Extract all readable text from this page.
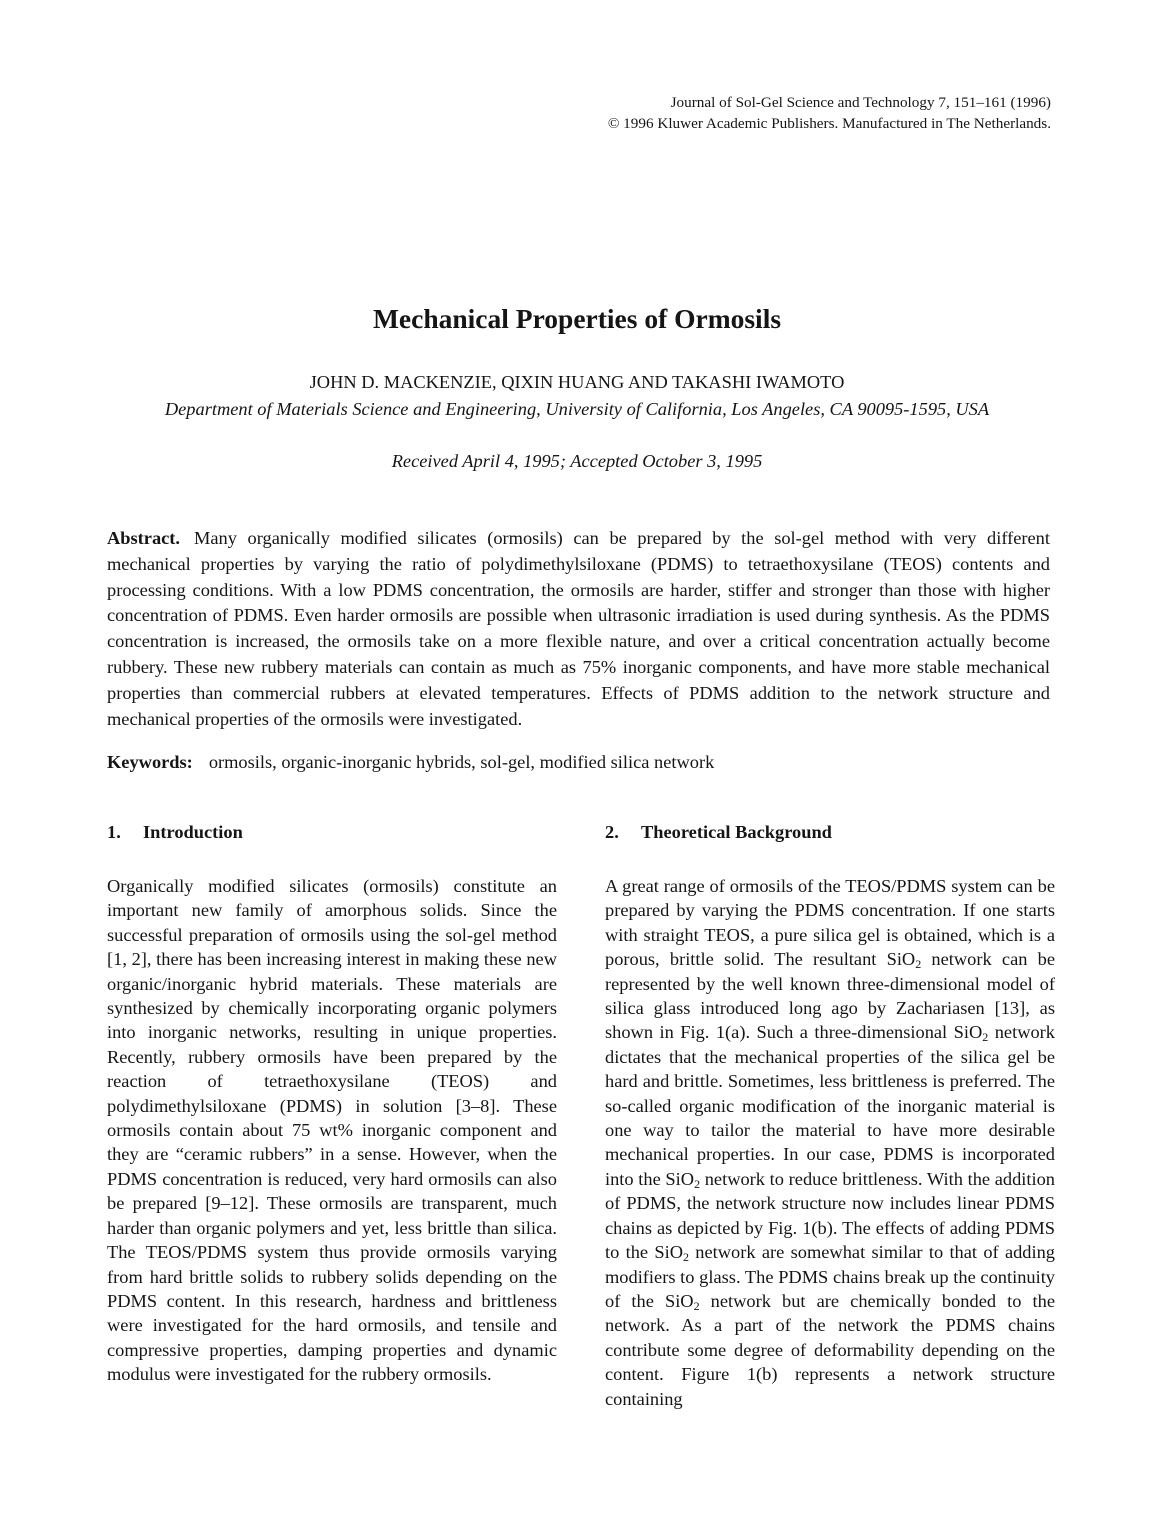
Journal of Sol-Gel Science and Technology 7, 151–161 (1996)
© 1996 Kluwer Academic Publishers. Manufactured in The Netherlands.
Mechanical Properties of Ormosils
JOHN D. MACKENZIE, QIXIN HUANG AND TAKASHI IWAMOTO
Department of Materials Science and Engineering, University of California, Los Angeles, CA 90095-1595, USA
Received April 4, 1995; Accepted October 3, 1995

Abstract. Many organically modified silicates (ormosils) can be prepared by the sol-gel method with very different mechanical properties by varying the ratio of polydimethylsiloxane (PDMS) to tetraethoxysilane (TEOS) contents and processing conditions. With a low PDMS concentration, the ormosils are harder, stiffer and stronger than those with higher concentration of PDMS. Even harder ormosils are possible when ultrasonic irradiation is used during synthesis. As the PDMS concentration is increased, the ormosils take on a more flexible nature, and over a critical concentration actually become rubbery. These new rubbery materials can contain as much as 75% inorganic components, and have more stable mechanical properties than commercial rubbers at elevated temperatures. Effects of PDMS addition to the network structure and mechanical properties of the ormosils were investigated.

Keywords: ormosils, organic-inorganic hybrids, sol-gel, modified silica network

1. Introduction

Organically modified silicates (ormosils) constitute an important new family of amorphous solids. Since the successful preparation of ormosils using the sol-gel method [1, 2], there has been increasing interest in making these new organic/inorganic hybrid materials. These materials are synthesized by chemically incorporating organic polymers into inorganic networks, resulting in unique properties. Recently, rubbery ormosils have been prepared by the reaction of tetraethoxysilane (TEOS) and polydimethylsiloxane (PDMS) in solution [3–8]. These ormosils contain about 75 wt% inorganic component and they are “ceramic rubbers” in a sense. However, when the PDMS concentration is reduced, very hard ormosils can also be prepared [9–12]. These ormosils are transparent, much harder than organic polymers and yet, less brittle than silica. The TEOS/PDMS system thus provide ormosils varying from hard brittle solids to rubbery solids depending on the PDMS content. In this research, hardness and brittleness were investigated for the hard ormosils, and tensile and compressive properties, damping properties and dynamic modulus were investigated for the rubbery ormosils.

2. Theoretical Background

A great range of ormosils of the TEOS/PDMS system can be prepared by varying the PDMS concentration. If one starts with straight TEOS, a pure silica gel is obtained, which is a porous, brittle solid. The resultant SiO$_2$ network can be represented by the well known three-dimensional model of silica glass introduced long ago by Zachariasen [13], as shown in Fig. 1(a). Such a three-dimensional SiO$_2$ network dictates that the mechanical properties of the silica gel be hard and brittle. Sometimes, less brittleness is preferred. The so-called organic modification of the inorganic material is one way to tailor the material to have more desirable mechanical properties. In our case, PDMS is incorporated into the SiO$_2$ network to reduce brittleness. With the addition of PDMS, the network structure now includes linear PDMS chains as depicted by Fig. 1(b). The effects of adding PDMS to the SiO$_2$ network are somewhat similar to that of adding modifiers to glass. The PDMS chains break up the continuity of the SiO$_2$ network but are chemically bonded to the network. As a part of the network the PDMS chains contribute some degree of deformability depending on the content. Figure 1(b) represents a network structure containing
